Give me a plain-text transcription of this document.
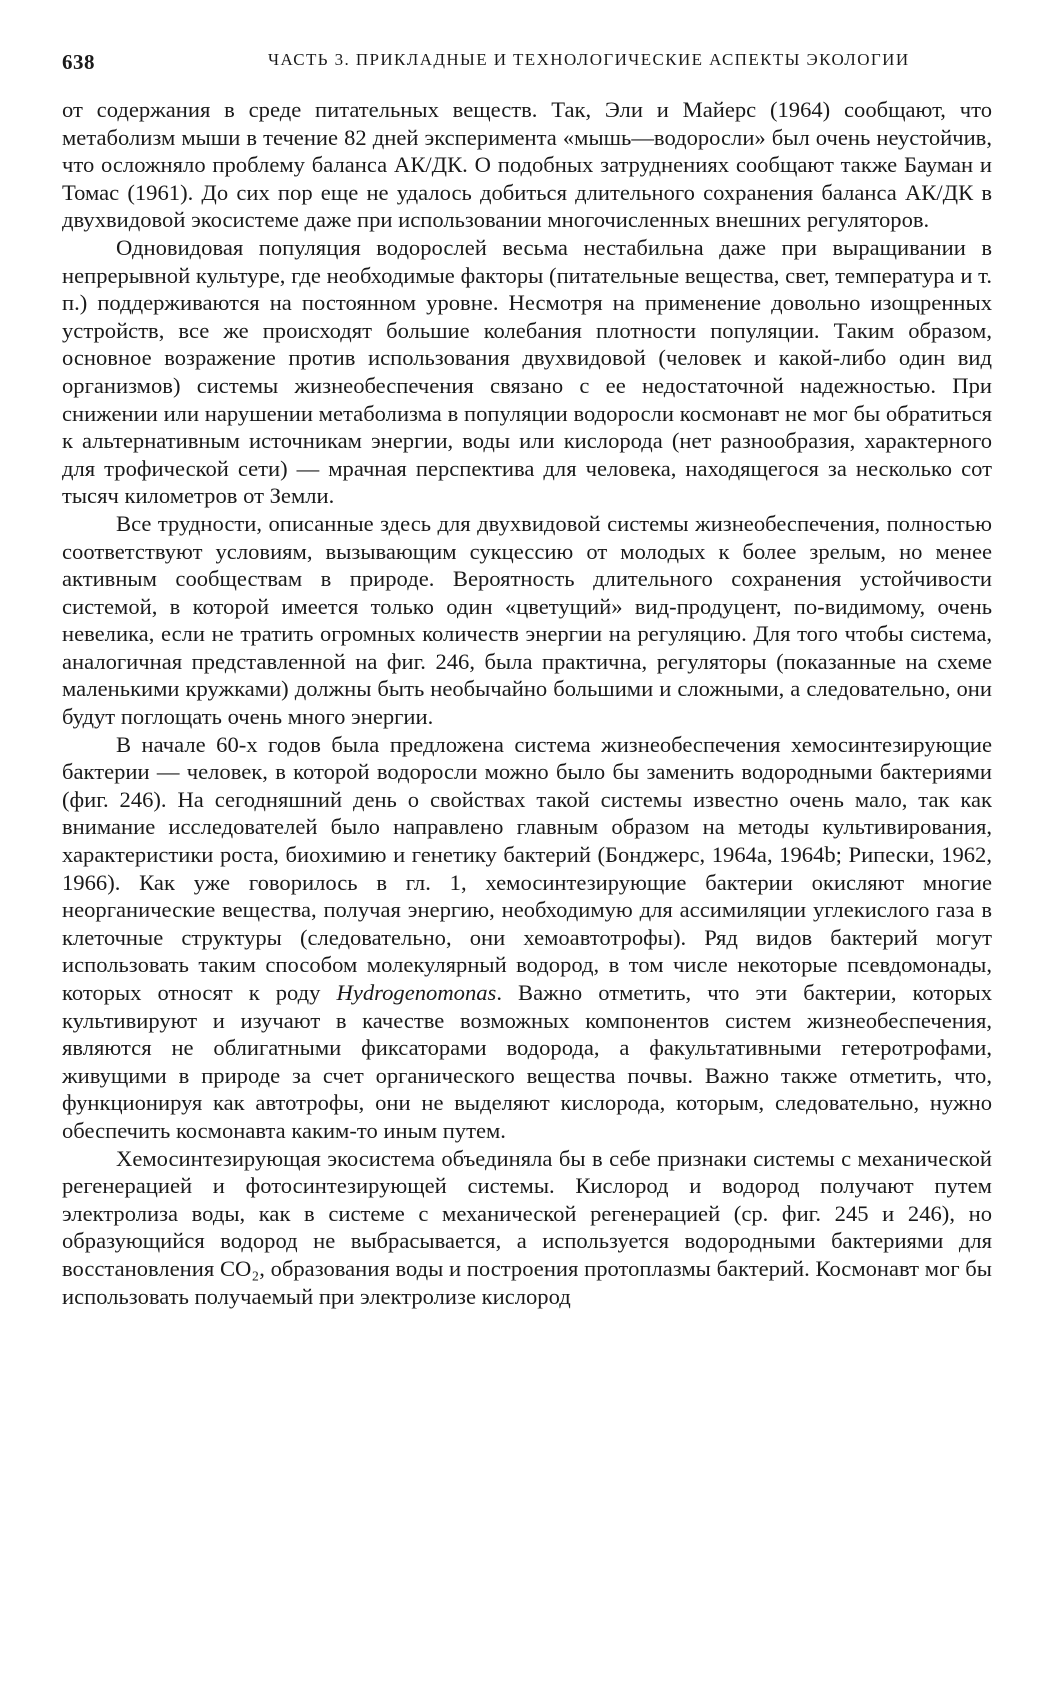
638	ЧАСТЬ 3. ПРИКЛАДНЫЕ И ТЕХНОЛОГИЧЕСКИЕ АСПЕКТЫ ЭКОЛОГИИ

от содержания в среде питательных веществ. Так, Эли и Майерс (1964) сообщают, что метаболизм мыши в течение 82 дней эксперимента «мышь—водоросли» был очень неустойчив, что осложняло проблему баланса АК/ДК. О подобных затруднениях сообщают также Бауман и Томас (1961). До сих пор еще не удалось добиться длительного сохранения баланса АК/ДК в двухвидовой экосистеме даже при использовании многочисленных внешних регуляторов.

Одновидовая популяция водорослей весьма нестабильна даже при выращивании в непрерывной культуре, где необходимые факторы (питательные вещества, свет, температура и т. п.) поддерживаются на постоянном уровне. Несмотря на применение довольно изощренных устройств, все же происходят большие колебания плотности популяции. Таким образом, основное возражение против использования двухвидовой (человек и какой-либо один вид организмов) системы жизнеобеспечения связано с ее недостаточной надежностью. При снижении или нарушении метаболизма в популяции водоросли космонавт не мог бы обратиться к альтернативным источникам энергии, воды или кислорода (нет разнообразия, характерного для трофической сети) — мрачная перспектива для человека, находящегося за несколько сот тысяч километров от Земли.

Все трудности, описанные здесь для двухвидовой системы жизнеобеспечения, полностью соответствуют условиям, вызывающим сукцессию от молодых к более зрелым, но менее активным сообществам в природе. Вероятность длительного сохранения устойчивости системой, в которой имеется только один «цветущий» вид-продуцент, по-видимому, очень невелика, если не тратить огромных количеств энергии на регуляцию. Для того чтобы система, аналогичная представленной на фиг. 246, была практична, регуляторы (показанные на схеме маленькими кружками) должны быть необычайно большими и сложными, а следовательно, они будут поглощать очень много энергии.

В начале 60-х годов была предложена система жизнеобеспечения хемосинтезирующие бактерии — человек, в которой водоросли можно было бы заменить водородными бактериями (фиг. 246). На сегодняшний день о свойствах такой системы известно очень мало, так как внимание исследователей было направлено главным образом на методы культивирования, характеристики роста, биохимию и генетику бактерий (Бонджерс, 1964a, 1964b; Рипески, 1962, 1966). Как уже говорилось в гл. 1, хемосинтезирующие бактерии окисляют многие неорганические вещества, получая энергию, необходимую для ассимиляции углекислого газа в клеточные структуры (следовательно, они хемоавтотрофы). Ряд видов бактерий могут использовать таким способом молекулярный водород, в том числе некоторые псевдомонады, которых относят к роду Hydrogenomonas. Важно отметить, что эти бактерии, которых культивируют и изучают в качестве возможных компонентов систем жизнеобеспечения, являются не облигатными фиксаторами водорода, а факультативными гетеротрофами, живущими в природе за счет органического вещества почвы. Важно также отметить, что, функционируя как автотрофы, они не выделяют кислорода, которым, следовательно, нужно обеспечить космонавта каким-то иным путем.

Хемосинтезирующая экосистема объединяла бы в себе признаки системы с механической регенерацией и фотосинтезирующей системы. Кислород и водород получают путем электролиза воды, как в системе с механической регенерацией (ср. фиг. 245 и 246), но образующийся водород не выбрасывается, а используется водородными бактериями для восстановления CO₂, образования воды и построения протоплазмы бактерий. Космонавт мог бы использовать получаемый при электролизе кислород
